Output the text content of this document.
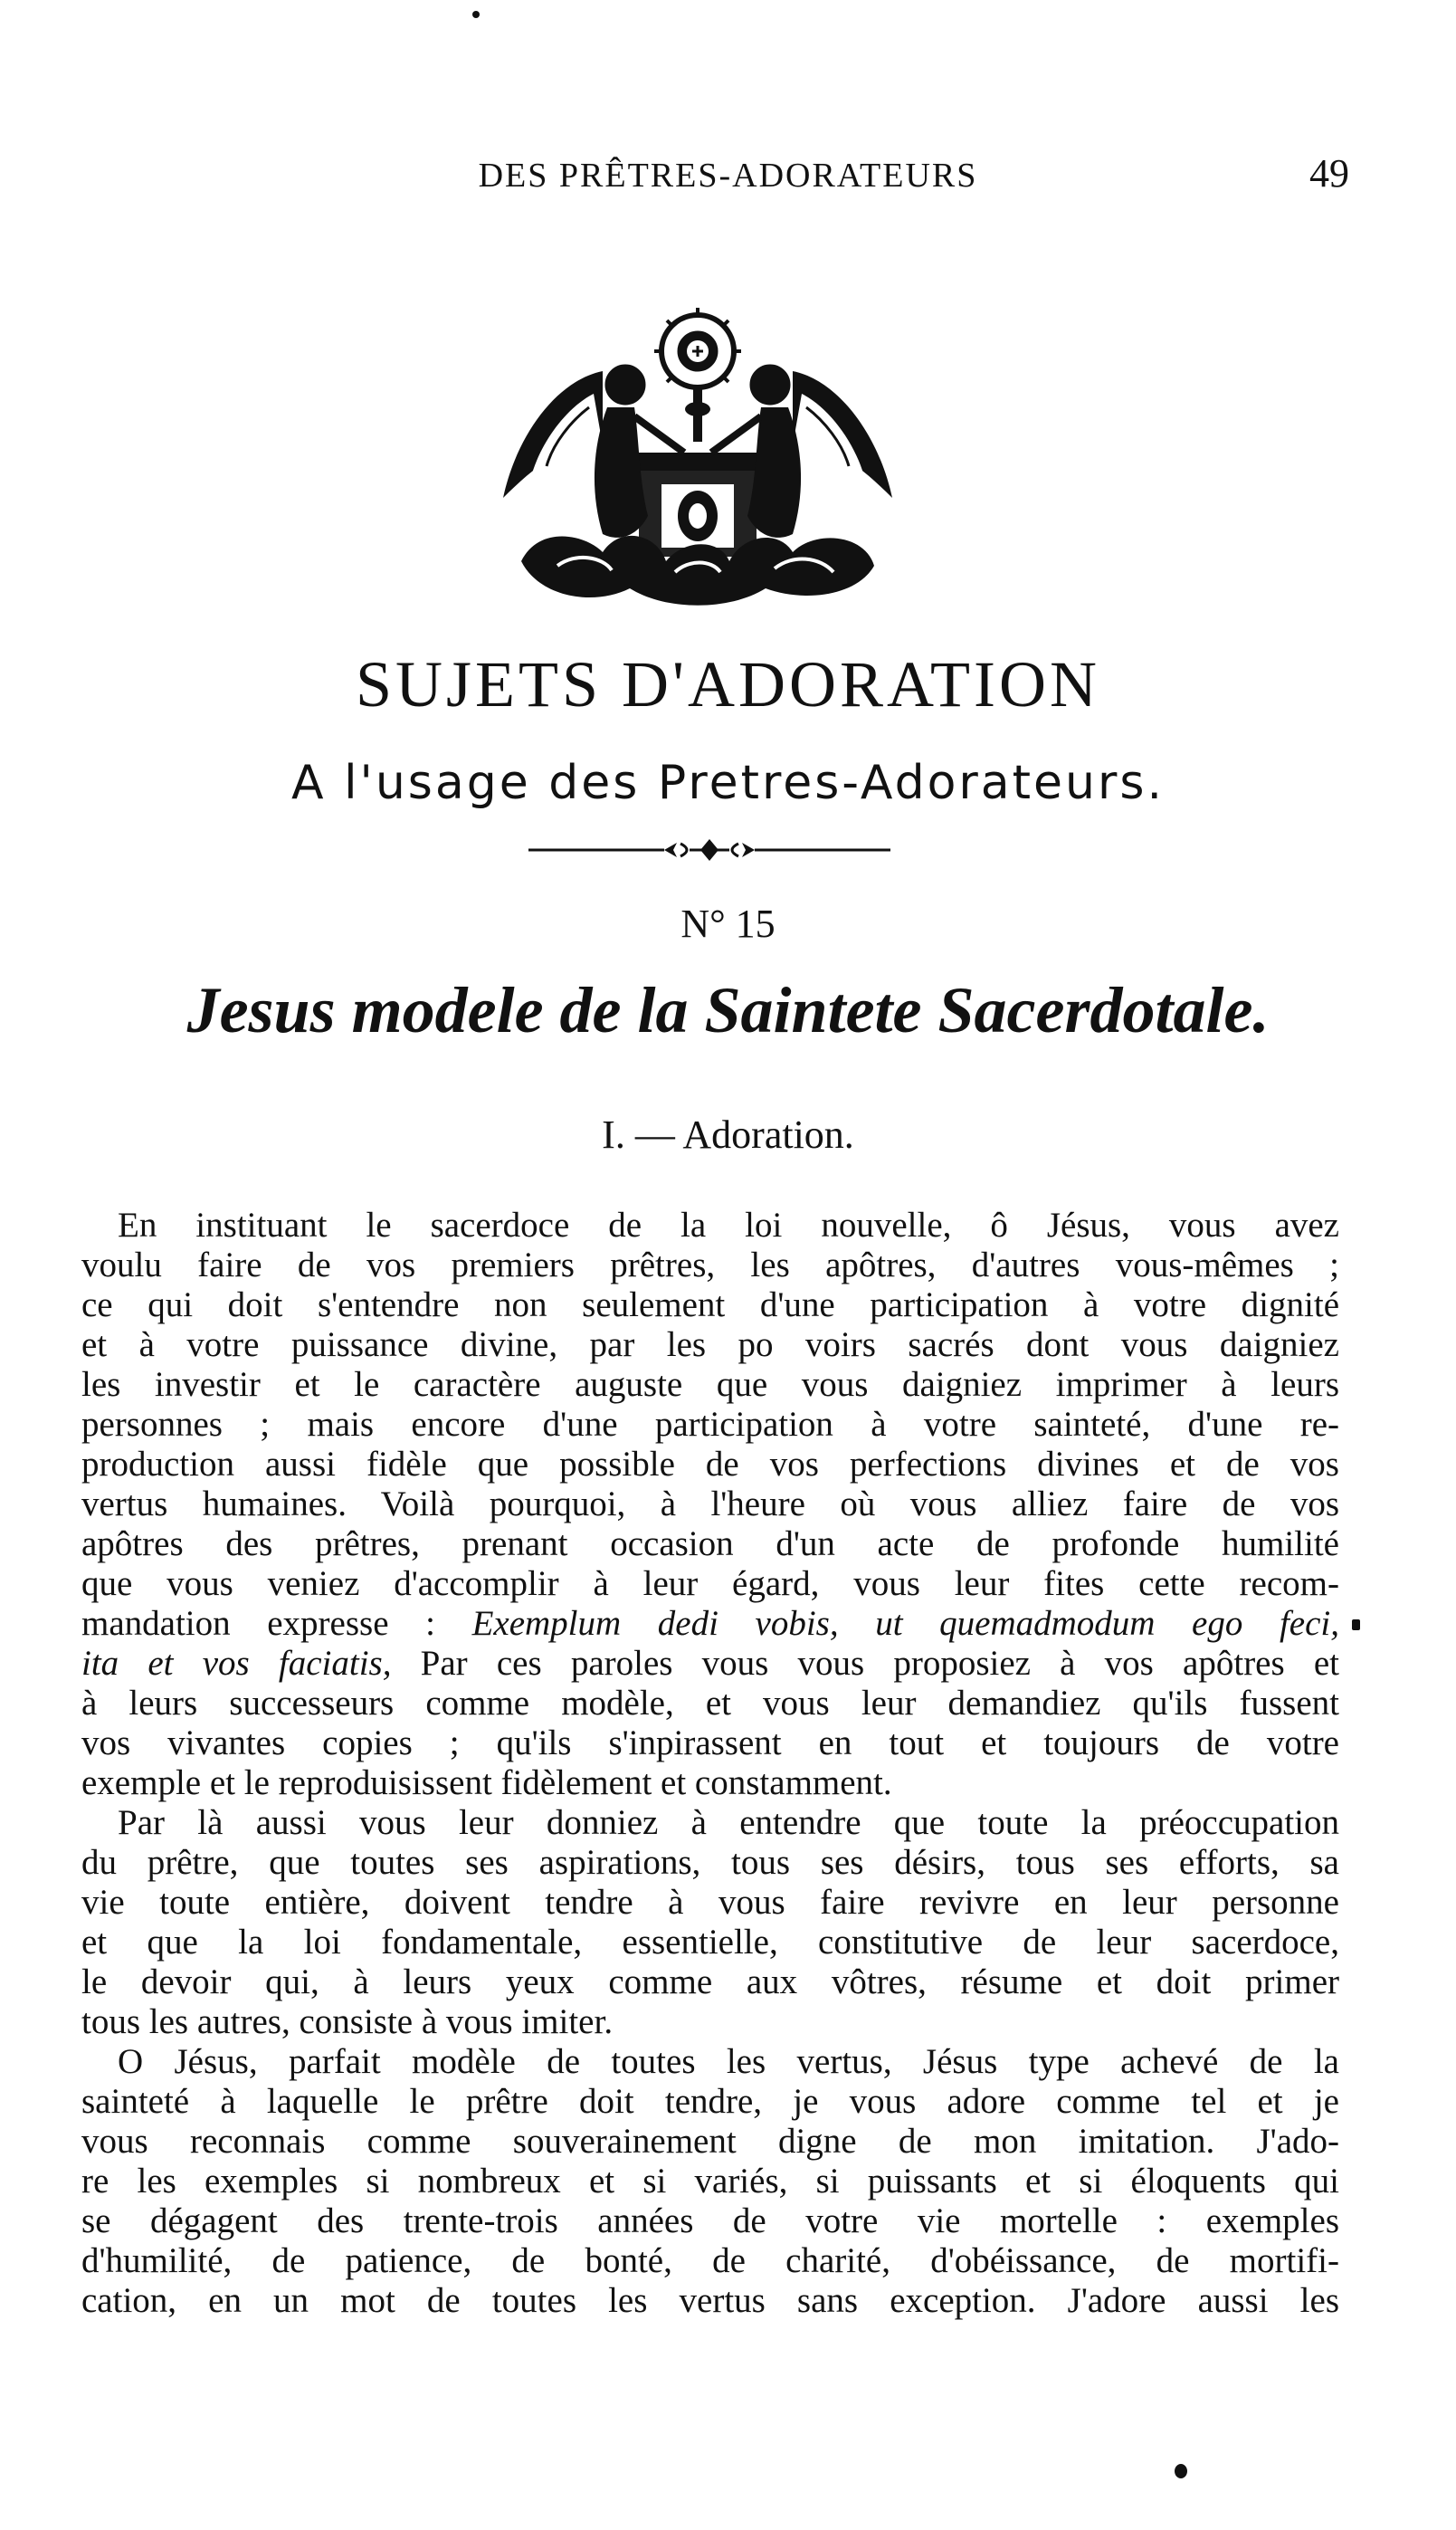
DES PRÊTRES-ADORATEURS	49
SUJETS D'ADORATION
A l'usage des Pretres-Adorateurs.
N° 15
Jesus modele de la Saintete Sacerdotale.
I. — Adoration.
En instituant le sacerdoce de la loi nouvelle, ô Jésus, vous avez
voulu faire de vos premiers prêtres, les apôtres, d'autres vous-mêmes ;
ce qui doit s'entendre non seulement d'une participation à votre dignité
et à votre puissance divine, par les po voirs sacrés dont vous daigniez
les investir et le caractère auguste que vous daigniez imprimer à leurs
personnes ; mais encore d'une participation à votre sainteté, d'une re-
production aussi fidèle que possible de vos perfections divines et de vos
vertus humaines. Voilà pourquoi, à l'heure où vous alliez faire de vos
apôtres des prêtres, prenant occasion d'un acte de profonde humilité
que vous veniez d'accomplir à leur égard, vous leur fites cette recom-
mandation expresse : Exemplum dedi vobis, ut quemadmodum ego feci,
ita et vos faciatis, Par ces paroles vous vous proposiez à vos apôtres et
à leurs successeurs comme modèle, et vous leur demandiez qu'ils fussent
vos vivantes copies ; qu'ils s'inpirassent en tout et toujours de votre
exemple et le reproduisissent fidèlement et constamment.
Par là aussi vous leur donniez à entendre que toute la préoccupation
du prêtre, que toutes ses aspirations, tous ses désirs, tous ses efforts, sa
vie toute entière, doivent tendre à vous faire revivre en leur personne
et que la loi fondamentale, essentielle, constitutive de leur sacerdoce,
le devoir qui, à leurs yeux comme aux vôtres, résume et doit primer
tous les autres, consiste à vous imiter.
O Jésus, parfait modèle de toutes les vertus, Jésus type achevé de la
sainteté à laquelle le prêtre doit tendre, je vous adore comme tel et je
vous reconnais comme souverainement digne de mon imitation. J'ado-
re les exemples si nombreux et si variés, si puissants et si éloquents qui
se dégagent des trente-trois années de votre vie mortelle : exemples
d'humilité, de patience, de bonté, de charité, d'obéissance, de mortifi-
cation, en un mot de toutes les vertus sans exception. J'adore aussi les
